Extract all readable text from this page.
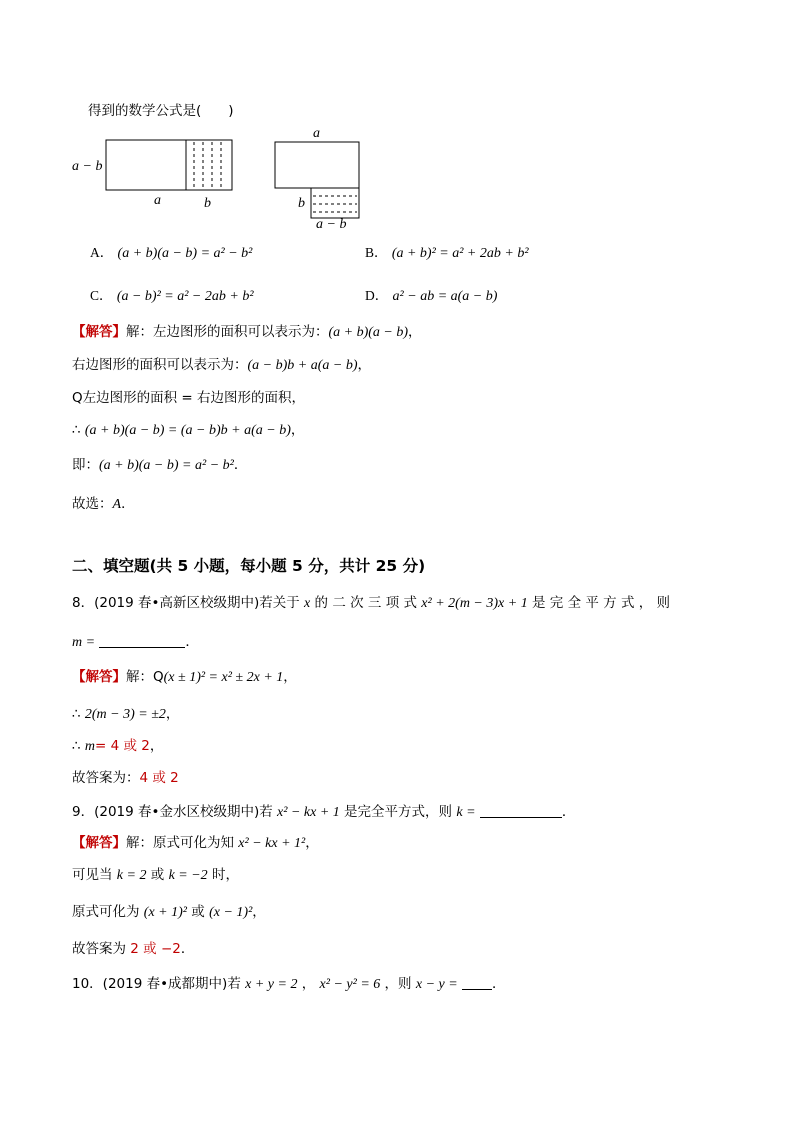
得到的数学公式是(　　)
a − b
a	b
a
b
a − b
A． (a + b)(a − b) = a² − b²	B． (a + b)² = a² + 2ab + b²
C． (a − b)² = a² − 2ab + b²	D． a² − ab = a(a − b)
【解答】解：左边图形的面积可以表示为：(a + b)(a − b)，
右边图形的面积可以表示为：(a − b)b + a(a − b)，
Q左边图形的面积 = 右边图形的面积，
∴ (a + b)(a − b) = (a − b)b + a(a − b)，
即：(a + b)(a − b) = a² − b²．
故选：A．
二、填空题(共 5 小题，每小题 5 分，共计 25 分)
8．(2019 春•高新区校级期中)若关于 x 的 二 次 三 项 式 x² + 2(m − 3)x + 1 是 完 全 平 方 式 ， 则
m =	．
【解答】解：Q(x ± 1)² = x² ± 2x + 1，
∴ 2(m − 3) = ±2，
∴ m= 4 或 2，
故答案为：4 或 2
9．(2019 春•金水区校级期中)若 x² − kx + 1 是完全平方式，则 k =	．
【解答】解：原式可化为知 x² − kx + 1²，
可见当 k = 2 或 k = −2 时，
原式可化为 (x + 1)² 或 (x − 1)²，
故答案为 2 或 −2．
10．(2019 春•成都期中)若 x + y = 2 ， x² − y² = 6 ，则 x − y =	．
